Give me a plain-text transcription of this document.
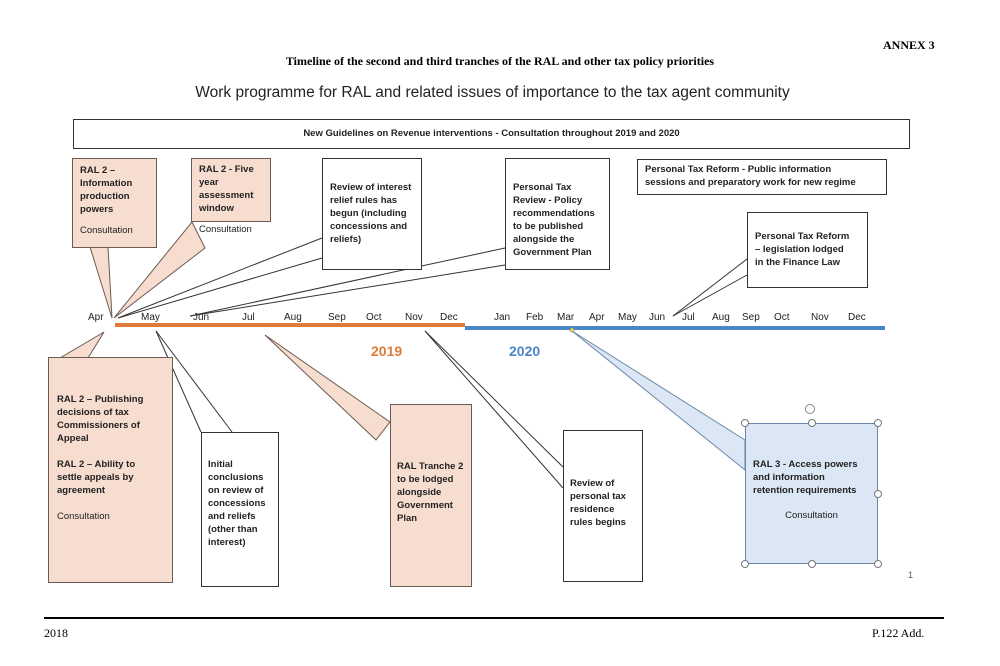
ANNEX 3
Timeline of the second and third tranches of the RAL and other tax policy priorities
Work programme for RAL and related issues of importance to the tax agent community
New Guidelines on Revenue interventions - Consultation throughout 2019 and 2020
RAL 2 –
Information
production
powers
Consultation
RAL 2 - Five
year
assessment
window
Consultation
Review of interest
relief rules has
begun (including
concessions and
reliefs)
Personal Tax
Review - Policy
recommendations
to be published
alongside the
Government Plan
Personal Tax Reform - Public information
sessions and preparatory work for new regime
Personal Tax Reform
– legislation lodged
in the Finance Law
Apr	May	Jun	Jul	Aug	Sep Oct Nov Dec	Jan Feb Mar Apr May Jun Jul Aug Sep Oct Nov Dec
2019	2020
RAL 2 – Publishing
decisions of tax
Commissioners of
Appeal
RAL 2 – Ability to
settle appeals by
agreement
Consultation
Initial
conclusions
on review of
concessions
and reliefs
(other than
interest)
RAL Tranche 2
to be lodged
alongside
Government
Plan
Review of
personal tax
residence
rules begins
RAL 3 - Access powers
and information
retention requirements
Consultation
1
2018	P.122 Add.
